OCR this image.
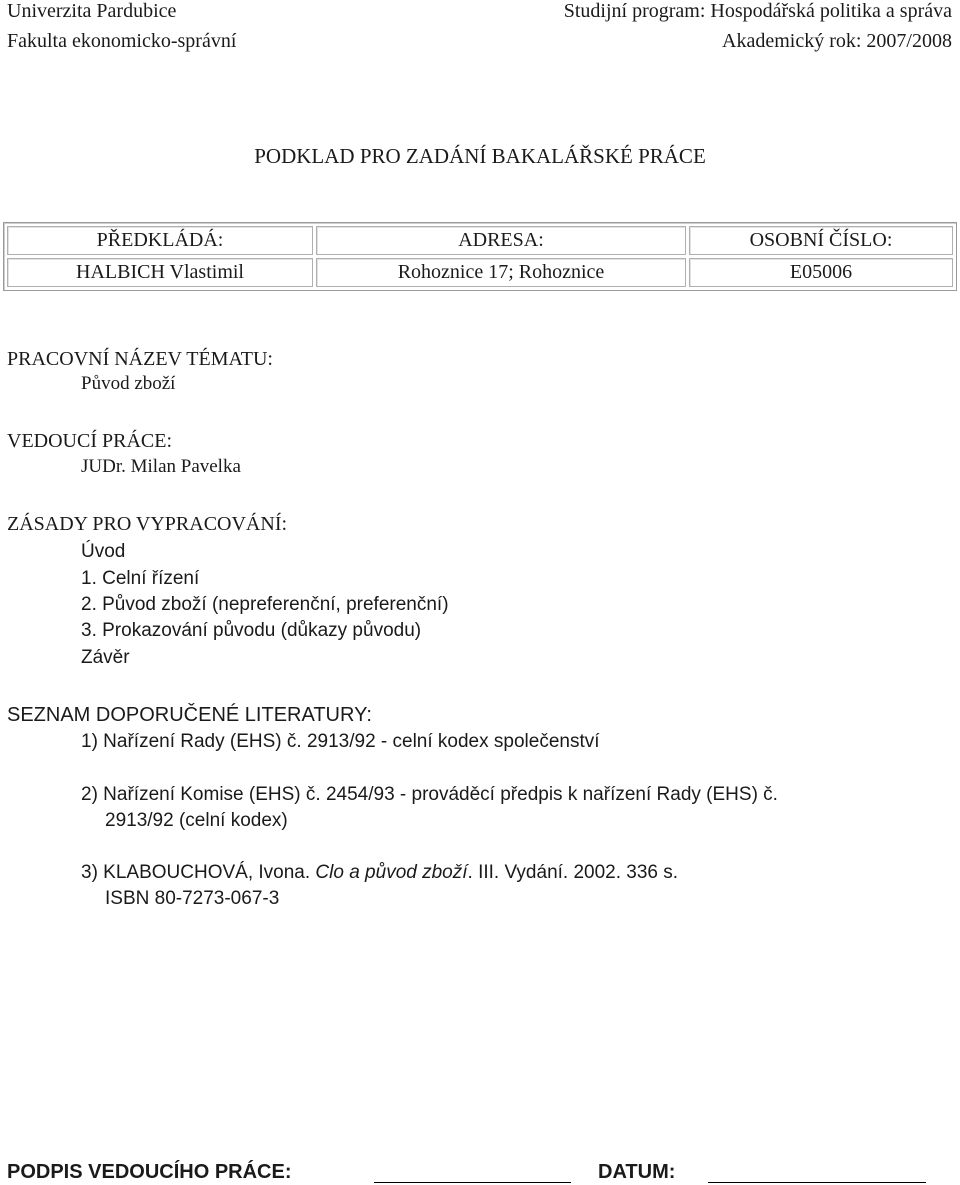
Univerzita Pardubice
Fakulta ekonomicko-správní
Studijní program: Hospodářská politika a správa
Akademický rok: 2007/2008
PODKLAD PRO ZADÁNÍ BAKALÁŘSKÉ PRÁCE
PŘEDKLÁDÁ:	ADRESA:	OSOBNÍ ČÍSLO:
HALBICH Vlastimil	Rohoznice 17; Rohoznice	E05006
PRACOVNÍ NÁZEV TÉMATU:
Původ zboží
VEDOUCÍ PRÁCE:
JUDr. Milan Pavelka
ZÁSADY PRO VYPRACOVÁNÍ:
Úvod
1. Celní řízení
2. Původ zboží (nepreferenční, preferenční)
3. Prokazování původu (důkazy původu)
Závěr
SEZNAM DOPORUČENÉ LITERATURY:
1) Nařízení Rady (EHS) č. 2913/92 - celní kodex společenství
2) Nařízení Komise (EHS) č. 2454/93 - prováděcí předpis k nařízení Rady (EHS) č.
2913/92 (celní kodex)
3) KLABOUCHOVÁ, Ivona. Clo a původ zboží. III. Vydání. 2002. 336 s.
ISBN 80-7273-067-3
PODPIS VEDOUCÍHO PRÁCE:	DATUM:
